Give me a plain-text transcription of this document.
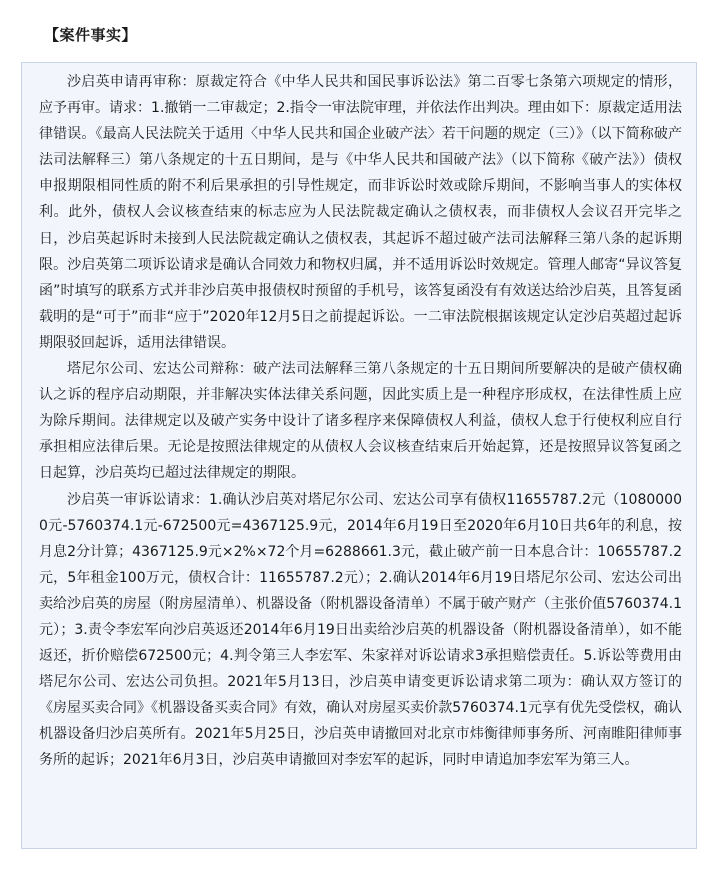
【案件事实】

沙启英申请再审称：原裁定符合《中华人民共和国民事诉讼法》第二百零七条第六项规定的情形，应予再审。请求：1.撤销一二审裁定；2.指令一审法院审理，并依法作出判决。理由如下：原裁定适用法律错误。《最高人民法院关于适用〈中华人民共和国企业破产法〉若干问题的规定（三）》（以下简称破产法司法解释三）第八条规定的十五日期间，是与《中华人民共和国破产法》（以下简称《破产法》）债权申报期限相同性质的附不利后果承担的引导性规定，而非诉讼时效或除斥期间，不影响当事人的实体权利。此外，债权人会议核查结束的标志应为人民法院裁定确认之债权表，而非债权人会议召开完毕之日，沙启英起诉时未接到人民法院裁定确认之债权表，其起诉不超过破产法司法解释三第八条的起诉期限。沙启英第二项诉讼请求是确认合同效力和物权归属，并不适用诉讼时效规定。管理人邮寄“异议答复函”时填写的联系方式并非沙启英申报债权时预留的手机号，该答复函没有有效送达给沙启英，且答复函载明的是“可于”而非“应于”2020年12月5日之前提起诉讼。一二审法院根据该规定认定沙启英超过起诉期限驳回起诉，适用法律错误。

塔尼尔公司、宏达公司辩称：破产法司法解释三第八条规定的十五日期间所要解决的是破产债权确认之诉的程序启动期限，并非解决实体法律关系问题，因此实质上是一种程序形成权，在法律性质上应为除斥期间。法律规定以及破产实务中设计了诸多程序来保障债权人利益，债权人怠于行使权利应自行承担相应法律后果。无论是按照法律规定的从债权人会议核查结束后开始起算，还是按照异议答复函之日起算，沙启英均已超过法律规定的期限。

沙启英一审诉讼请求：1.确认沙启英对塔尼尔公司、宏达公司享有债权11655787.2元（10800000元-5760374.1元-672500元=4367125.9元，2014年6月19日至2020年6月10日共6年的利息，按月息2分计算；4367125.9元×2%×72个月=6288661.3元，截止破产前一日本息合计：10655787.2元，5年租金100万元，债权合计：11655787.2元）；2.确认2014年6月19日塔尼尔公司、宏达公司出卖给沙启英的房屋（附房屋清单）、机器设备（附机器设备清单）不属于破产财产（主张价值5760374.1元）；3.责令李宏军向沙启英返还2014年6月19日出卖给沙启英的机器设备（附机器设备清单），如不能返还，折价赔偿672500元；4.判令第三人李宏军、朱家祥对诉讼请求3承担赔偿责任。5.诉讼等费用由塔尼尔公司、宏达公司负担。2021年5月13日，沙启英申请变更诉讼请求第二项为：确认双方签订的《房屋买卖合同》《机器设备买卖合同》有效，确认对房屋买卖价款5760374.1元享有优先受偿权，确认机器设备归沙启英所有。2021年5月25日，沙启英申请撤回对北京市炜衡律师事务所、河南睢阳律师事务所的起诉；2021年6月3日，沙启英申请撤回对李宏军的起诉，同时申请追加李宏军为第三人。
